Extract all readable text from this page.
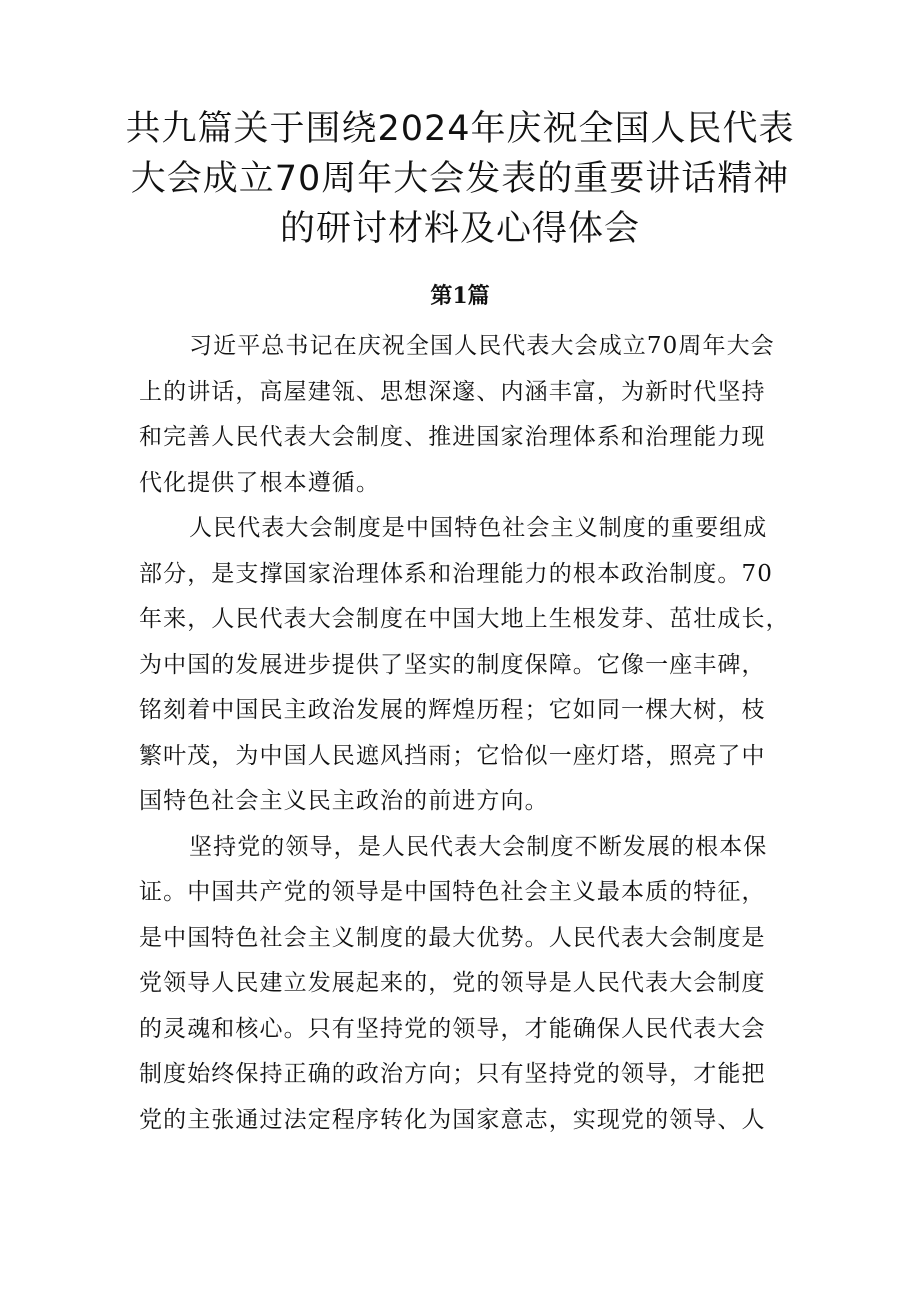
共九篇关于围绕2024年庆祝全国人民代表
大会成立70周年大会发表的重要讲话精神
的研讨材料及心得体会
第1篇
习近平总书记在庆祝全国人民代表大会成立70周年大会
上的讲话，高屋建瓴、思想深邃、内涵丰富，为新时代坚持
和完善人民代表大会制度、推进国家治理体系和治理能力现
代化提供了根本遵循。
人民代表大会制度是中国特色社会主义制度的重要组成
部分，是支撑国家治理体系和治理能力的根本政治制度。70
年来，人民代表大会制度在中国大地上生根发芽、茁壮成长，
为中国的发展进步提供了坚实的制度保障。它像一座丰碑，
铭刻着中国民主政治发展的辉煌历程；它如同一棵大树，枝
繁叶茂，为中国人民遮风挡雨；它恰似一座灯塔，照亮了中
国特色社会主义民主政治的前进方向。
坚持党的领导，是人民代表大会制度不断发展的根本保
证。中国共产党的领导是中国特色社会主义最本质的特征，
是中国特色社会主义制度的最大优势。人民代表大会制度是
党领导人民建立发展起来的，党的领导是人民代表大会制度
的灵魂和核心。只有坚持党的领导，才能确保人民代表大会
制度始终保持正确的政治方向；只有坚持党的领导，才能把
党的主张通过法定程序转化为国家意志，实现党的领导、人
